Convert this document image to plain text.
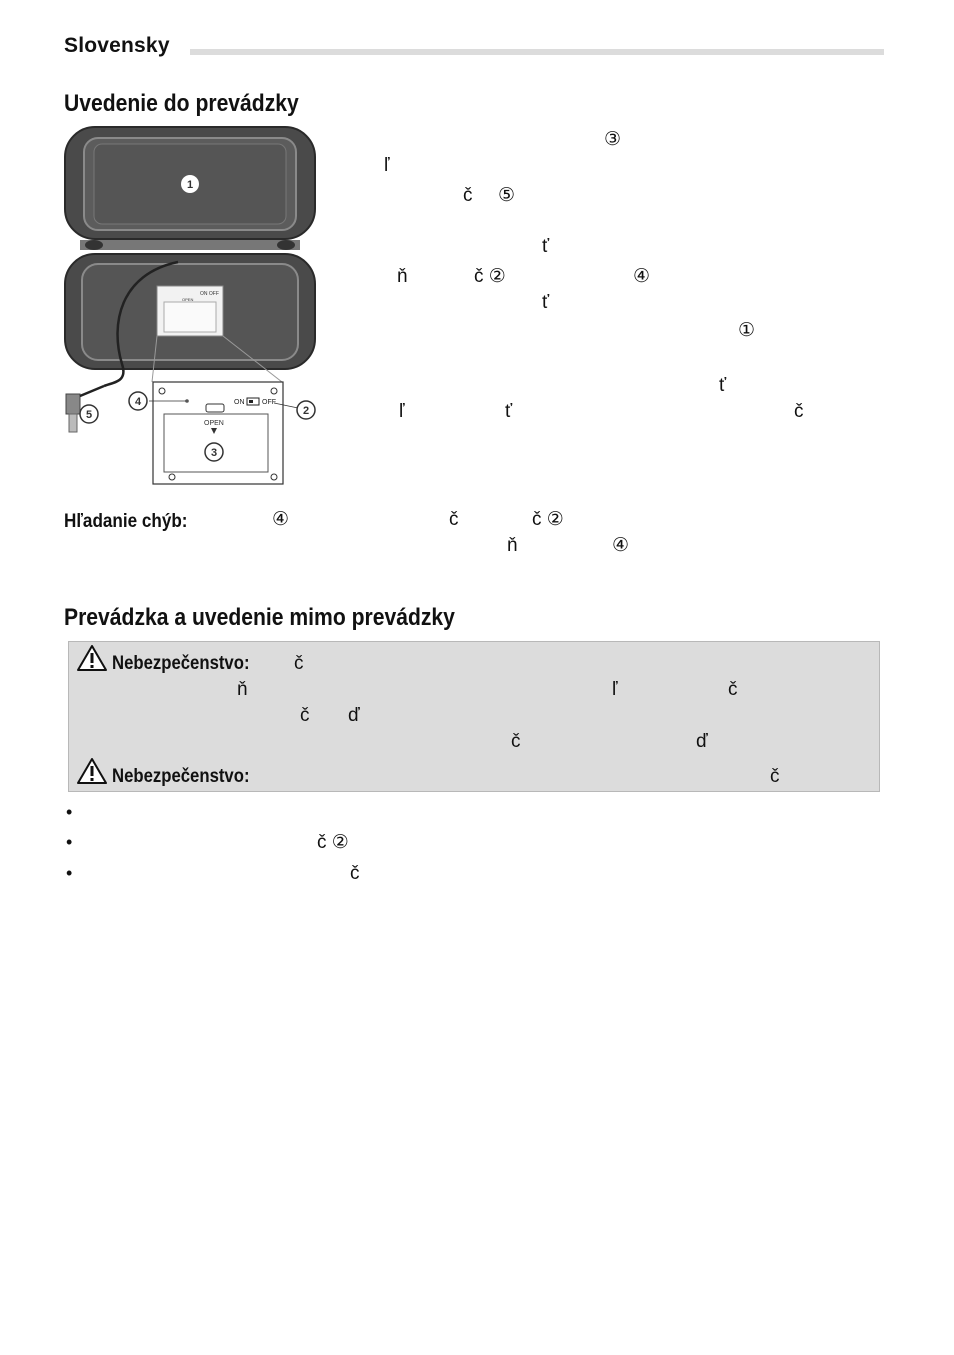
Slovensky
Uvedenie do prevádzky
OPEN
ON OFF
OPEN
ON	OFF
1
2
3
4
5
③
ľ
č ⑤
ť
ň	č ②	④
ť
①
ť
ľ	ť	č
Hľadanie chýb:	④	č	č ②
ň	④
Prevádzka a uvedenie mimo prevádzky
Nebezpečenstvo: č
ň	ľ	č
č ď
č	ď
Nebezpečenstvo:	č
•
•	č ②
•	č
